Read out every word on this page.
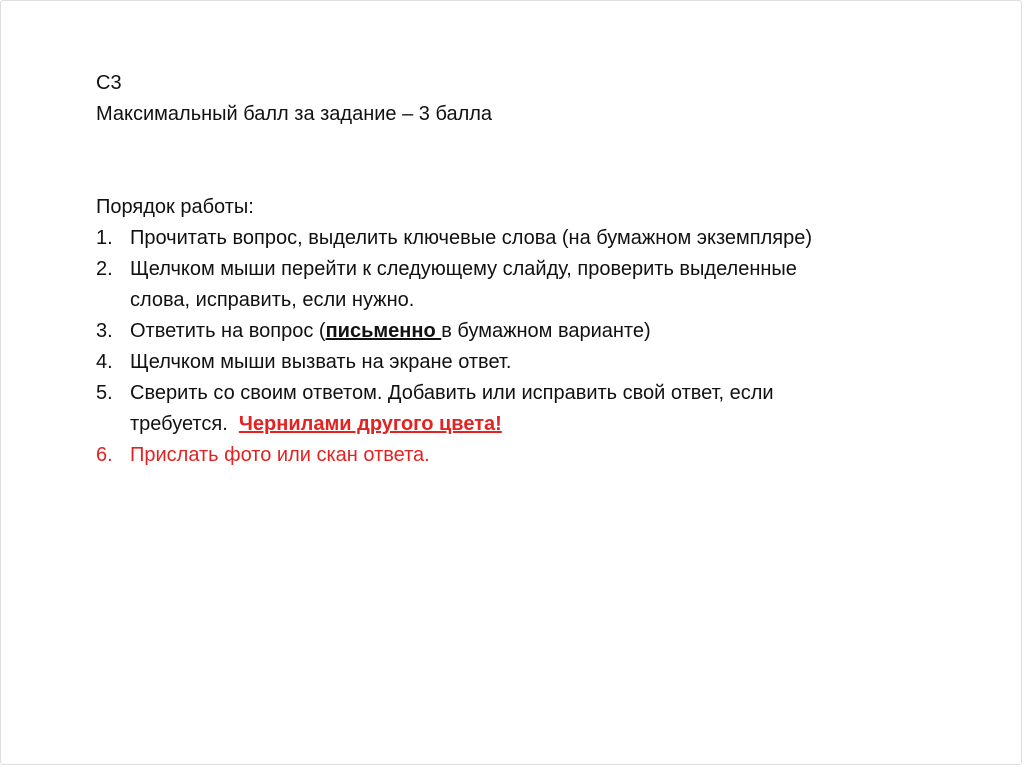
С3
Максимальный балл за задание – 3 балла
Порядок работы:
1. Прочитать вопрос, выделить ключевые слова (на бумажном экземпляре)
2. Щелчком мыши перейти к следующему слайду, проверить выделенные
слова, исправить, если нужно.
3. Ответить на вопрос (письменно в бумажном варианте)
4. Щелчком мыши вызвать на экране ответ.
5. Сверить со своим ответом. Добавить или исправить свой ответ, если
требуется.  Чернилами другого цвета!
6. Прислать фото или скан ответа.
